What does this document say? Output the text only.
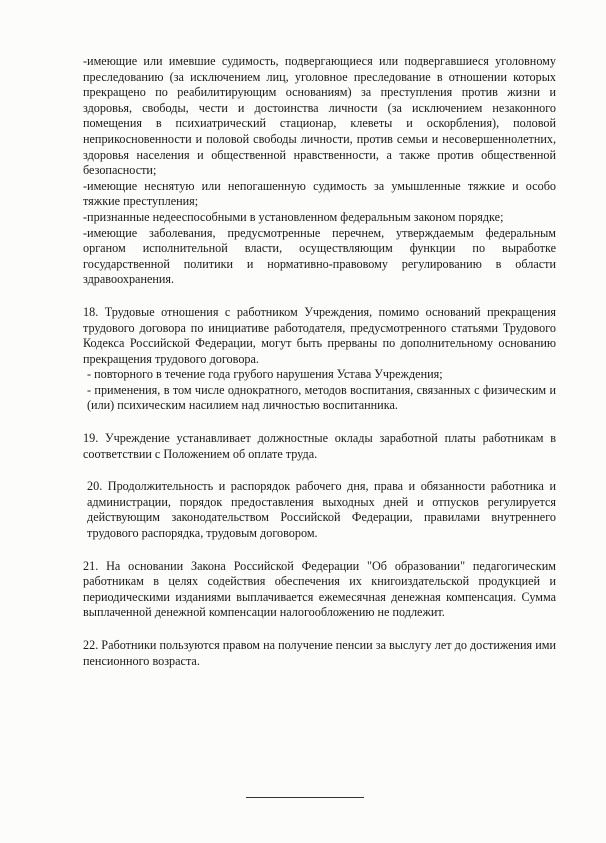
-имеющие или имевшие судимость, подвергающиеся или подвергавшиеся уголовному преследованию (за исключением лиц, уголовное преследование в отношении которых прекращено по реабилитирующим основаниям) за преступления против жизни и здоровья, свободы, чести и достоинства личности (за исключением незаконного помещения в психиатрический стационар, клеветы и оскорбления), половой неприкосновенности и половой свободы личности, против семьи и несовершеннолетних, здоровья населения и общественной нравственности, а также против общественной безопасности;

-имеющие неснятую или непогашенную судимость за умышленные тяжкие и особо тяжкие преступления;

-признанные недееспособными в установленном федеральным законом порядке;

-имеющие заболевания, предусмотренные перечнем, утверждаемым федеральным органом исполнительной власти, осуществляющим функции по выработке государственной политики и нормативно-правовому регулированию в области здравоохранения.

18. Трудовые отношения с работником Учреждения, помимо оснований прекращения трудового договора по инициативе работодателя, предусмотренного статьями Трудового Кодекса Российской Федерации, могут быть прерваны по дополнительному основанию прекращения трудового договора.

- повторного в течение года грубого нарушения Устава Учреждения;

- применения, в том числе однократного, методов воспитания, связанных с физическим и (или) психическим насилием над личностью воспитанника.

19. Учреждение устанавливает должностные оклады заработной платы работникам в соответствии с Положением об оплате труда.

20. Продолжительность и распорядок рабочего дня, права и обязанности работника и администрации, порядок предоставления выходных дней и отпусков регулируется действующим законодательством Российской Федерации, правилами внутреннего трудового распорядка, трудовым договором.

21. На основании Закона Российской Федерации "Об образовании" педагогическим работникам в целях содействия обеспечения их книгоиздательской продукцией и периодическими изданиями выплачивается ежемесячная денежная компенсация. Сумма выплаченной денежной компенсации налогообложению не подлежит.

22. Работники пользуются правом на получение пенсии за выслугу лет до достижения ими пенсионного возраста.
